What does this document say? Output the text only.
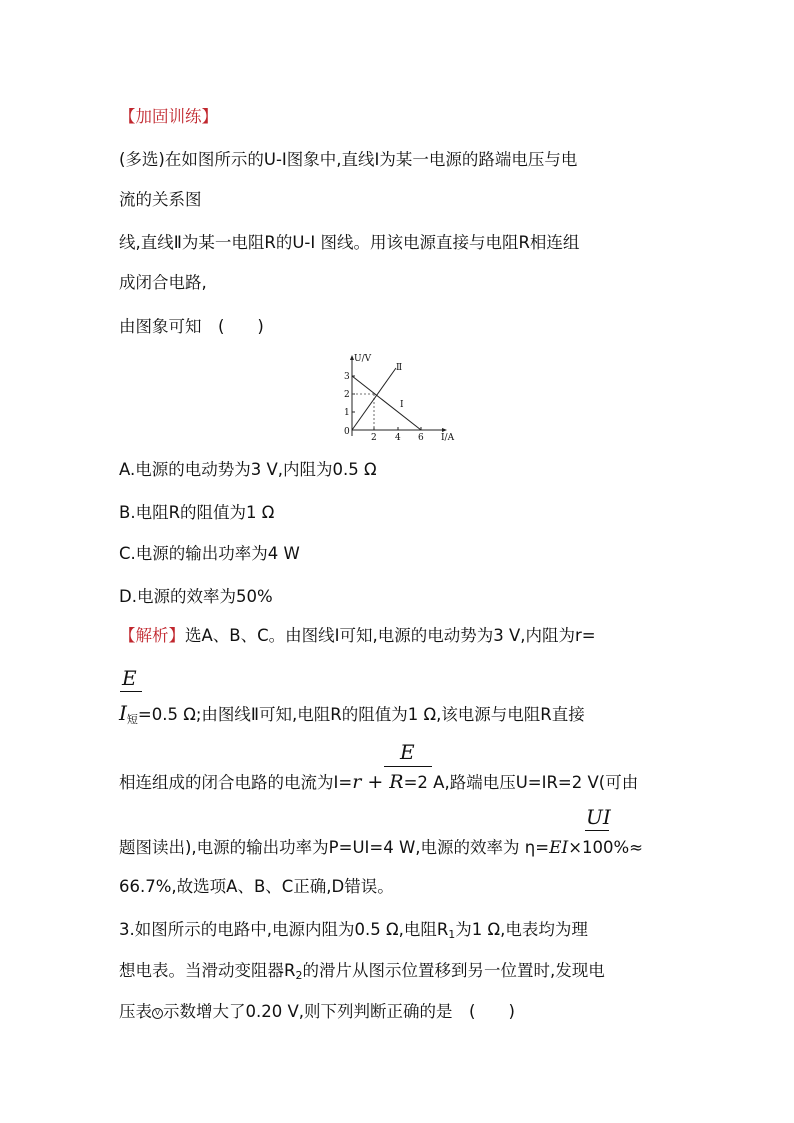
【加固训练】
(多选)在如图所示的U-I图象中,直线Ⅰ为某一电源的路端电压与电
流的关系图
线,直线Ⅱ为某一电阻R的U-I 图线。用该电源直接与电阻R相连组
成闭合电路,
由图象可知　(　　)
U/V
I/A
0
3
2
1
2 4 6
Ⅰ
Ⅱ
A.电源的电动势为3 V,内阻为0.5 Ω
B.电阻R的阻值为1 Ω
C.电源的输出功率为4 W
D.电源的效率为50%
【解析】选A、B、C。由图线Ⅰ可知,电源的电动势为3 V,内阻为r=
E
$I_短=0.5$ Ω;由图线Ⅱ可知,电阻R的阻值为1 Ω,该电源与电阻R直接
E
相连组成的闭合电路的电流为I=r + R=2 A,路端电压U=IR=2 V(可由
UI
题图读出),电源的输出功率为P=UI=4 W,电源的效率为 η=EI×100%≈
66.7%,故选项A、B、C正确,D错误。
3.如图所示的电路中,电源内阻为0.5 Ω,电阻$R_1$为1 Ω,电表均为理
想电表。当滑动变阻器$R_2$的滑片从图示位置移到另一位置时,发现电
压表 V 示数增大了0.20 V,则下列判断正确的是　(　　)
